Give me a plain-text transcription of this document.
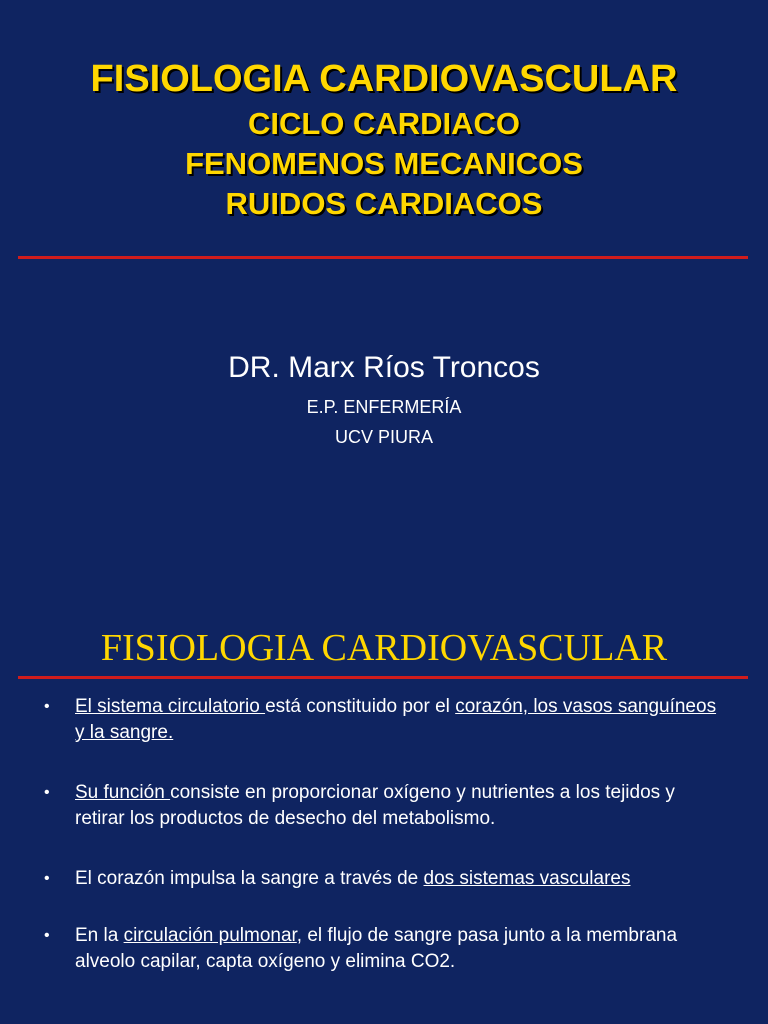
FISIOLOGIA CARDIOVASCULAR
CICLO CARDIACO
FENOMENOS MECANICOS
RUIDOS CARDIACOS
DR. Marx Ríos Troncos
E.P. ENFERMERÍA
UCV PIURA
FISIOLOGIA CARDIOVASCULAR
• El sistema circulatorio está constituido por el corazón, los vasos sanguíneos y la sangre.
• Su función consiste en proporcionar oxígeno y nutrientes a los tejidos y retirar los productos de desecho del metabolismo.
• El corazón impulsa la sangre a través de dos sistemas vasculares
• En la circulación pulmonar, el flujo de sangre pasa junto a la membrana alveolo capilar, capta oxígeno y elimina CO2.
